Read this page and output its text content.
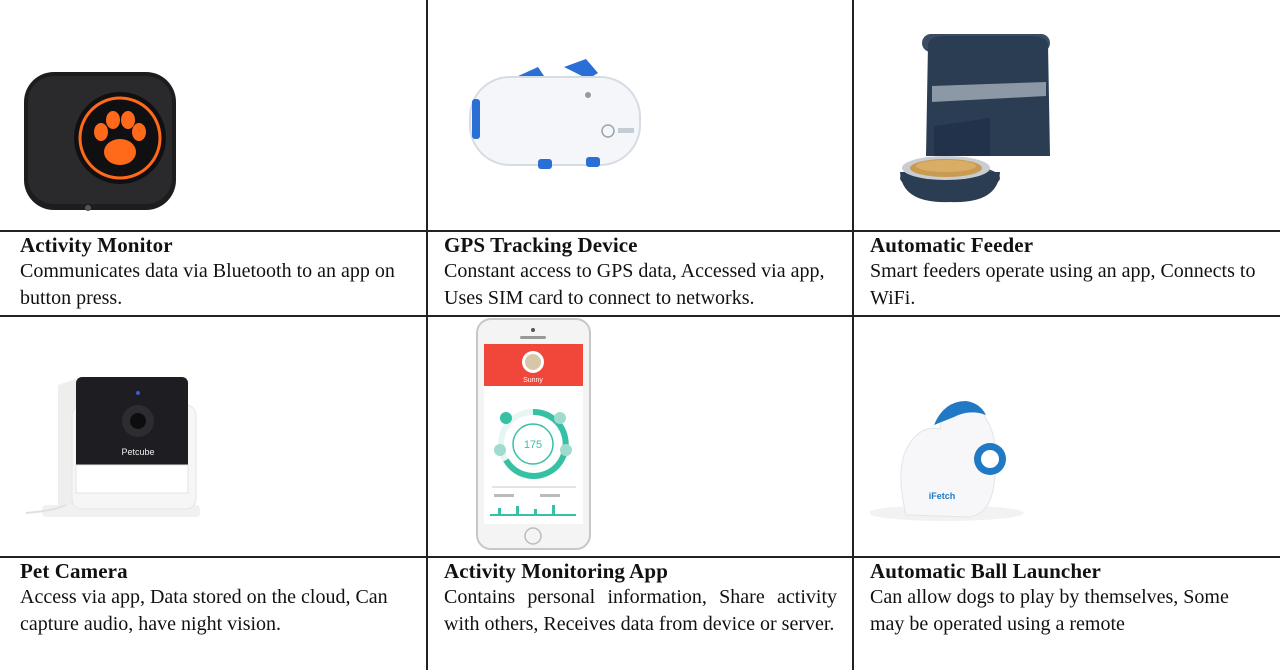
Activity Monitor
Communicates data via Bluetooth to an app on button press.
GPS Tracking Device
Constant access to GPS data, Accessed via app, Uses SIM card to connect to networks.
Automatic Feeder
Smart feeders operate using an app, Connects to WiFi.
Petcube
Sunny
175
iFetch
Pet Camera
Access via app, Data stored on the cloud, Can capture audio, have night vision.
Activity Monitoring App
Contains personal information, Share activity with others, Receives data from device or server.
Automatic Ball Launcher
Can allow dogs to play by themselves, Some may be operated using a remote
